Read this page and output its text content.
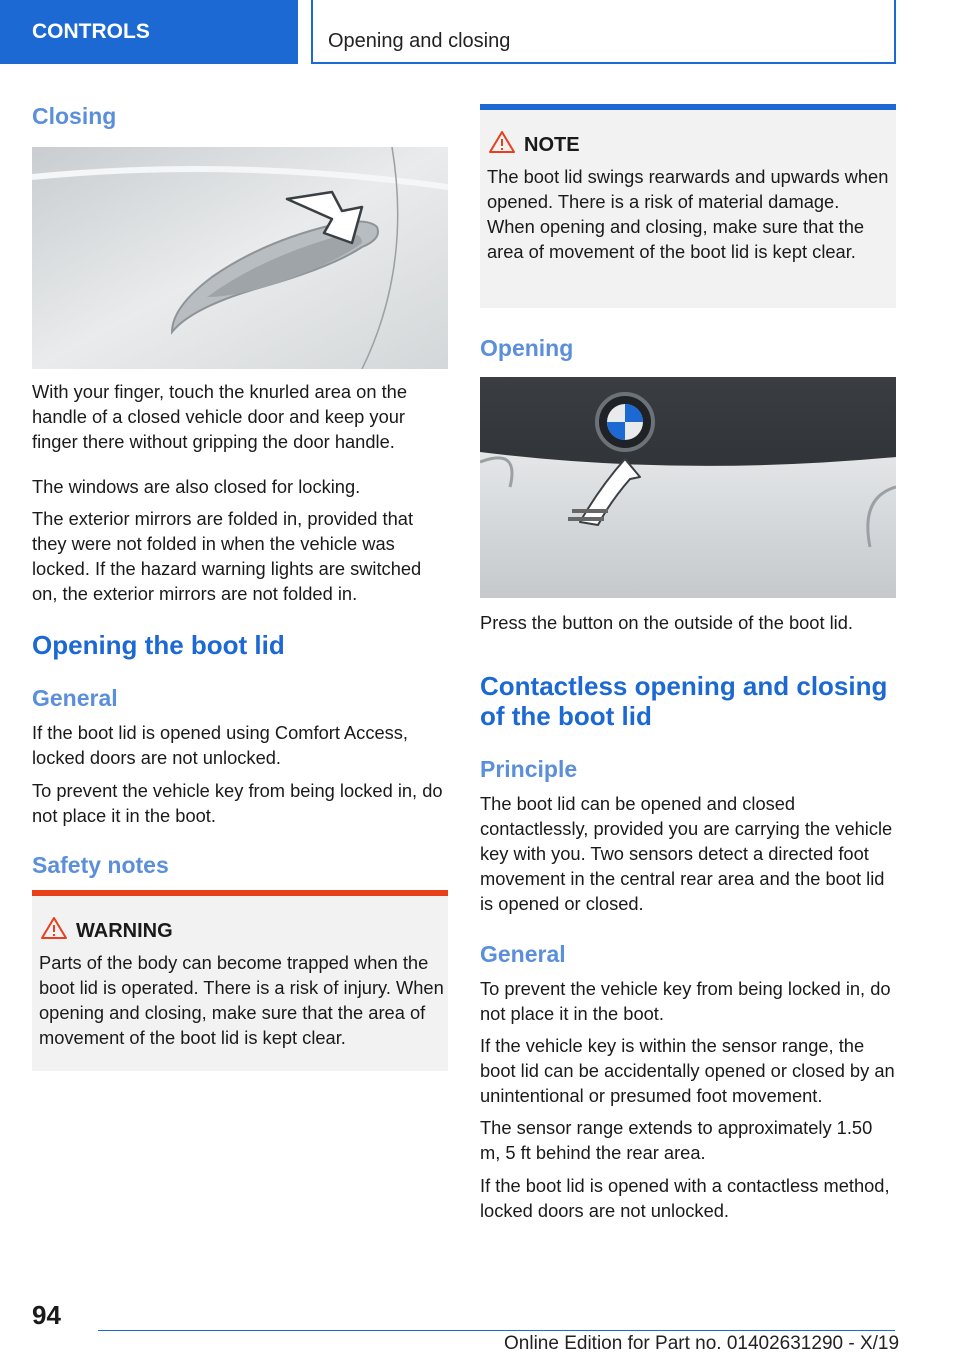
CONTROLS	Opening and closing
Closing

With your finger, touch the knurled area on the handle of a closed vehicle door and keep your finger there without gripping the door handle.

The windows are also closed for locking.

The exterior mirrors are folded in, provided that they were not folded in when the vehicle was locked. If the hazard warning lights are switched on, the exterior mirrors are not folded in.

Opening the boot lid
General

If the boot lid is opened using Comfort Access, locked doors are not unlocked.

To prevent the vehicle key from being locked in, do not place it in the boot.

Safety notes
WARNING

Parts of the body can become trapped when the boot lid is operated. There is a risk of injury. When opening and closing, make sure that the area of movement of the boot lid is kept clear.

NOTE

The boot lid swings rearwards and upwards when opened. There is a risk of material damage. When opening and closing, make sure that the area of movement of the boot lid is kept clear.

Opening

Press the button on the outside of the boot lid.

Contactless opening and closing of the boot lid
Principle

The boot lid can be opened and closed contactlessly, provided you are carrying the vehicle key with you. Two sensors detect a directed foot movement in the central rear area and the boot lid is opened or closed.

General

To prevent the vehicle key from being locked in, do not place it in the boot.

If the vehicle key is within the sensor range, the boot lid can be accidentally opened or closed by an unintentional or presumed foot movement.

The sensor range extends to approximately 1.50 m, 5 ft behind the rear area.

If the boot lid is opened with a contactless method, locked doors are not unlocked.

94
Online Edition for Part no. 01402631290 - X/19
